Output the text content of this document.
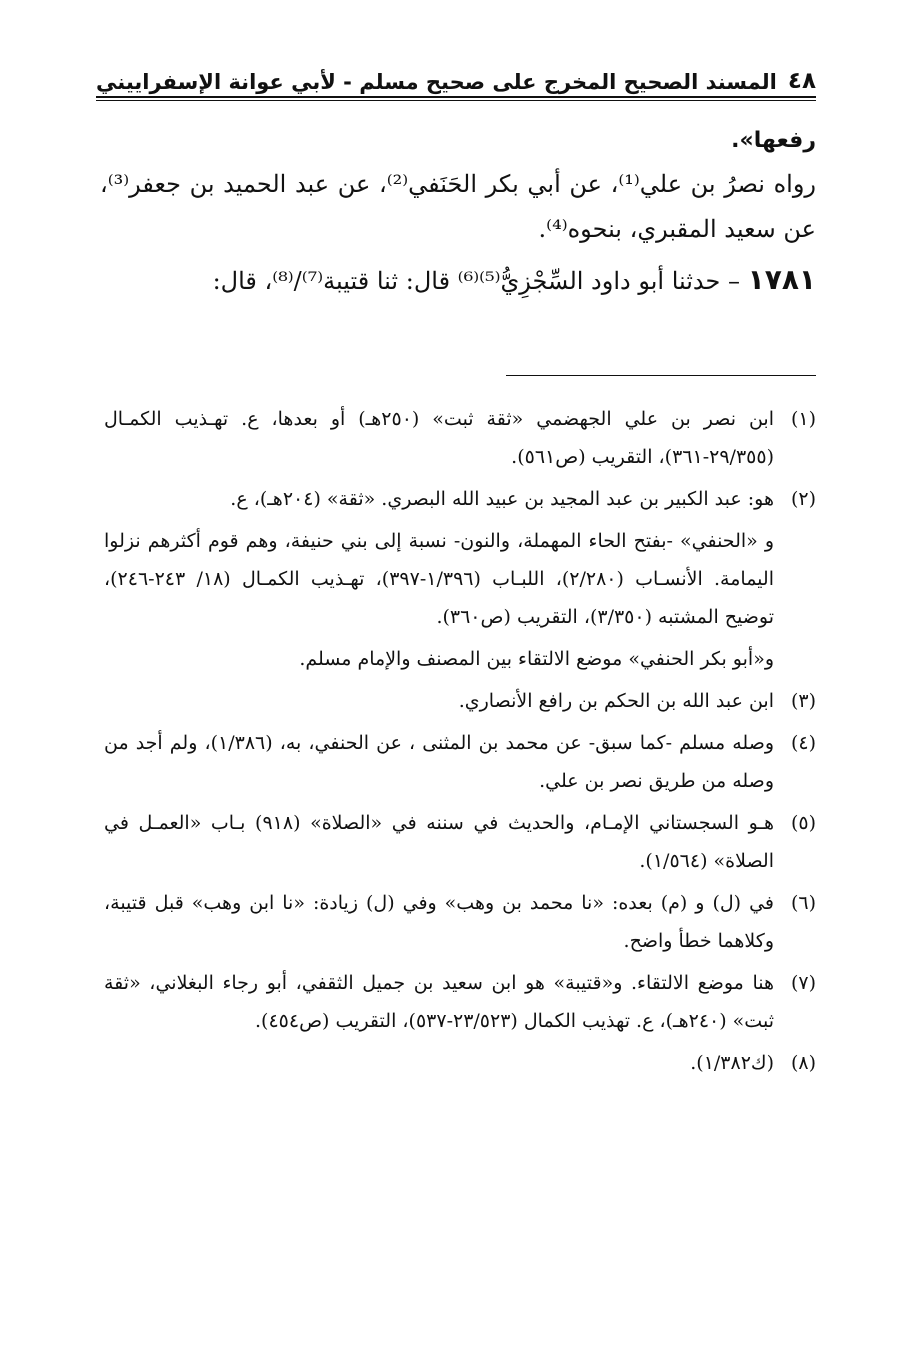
٤٨
المسند الصحيح المخرج على صحيح مسلم - لأبي عوانة الإسفراييني

رفعها».

رواه نصرُ بن علي⁽¹⁾، عن أبي بكر الحَنَفي⁽²⁾، عن عبد الحميد بن جعفر⁽³⁾، عن سعيد المقبري، بنحوه⁽⁴⁾.

١٧٨١ – حدثنا أبو داود السِّجْزِيُّ⁽⁵⁾⁽⁶⁾ قال: ثنا قتيبة⁽⁷⁾/⁽⁸⁾، قال:

(١)ابن نصر بن علي الجهضمي «ثقة ثبت» (٢٥٠هـ) أو بعدها، ع. تهـذيب الكمـال (٢٩/٣٥٥-٣٦١)، التقريب (ص٥٦١).

(٢)هو: عبد الكبير بن عبد المجيد بن عبيد الله البصري. «ثقة» (٢٠٤هـ)، ع.

و «الحنفي» -بفتح الحاء المهملة، والنون- نسبة إلى بني حنيفة، وهم قوم أكثرهم نزلوا اليمامة. الأنسـاب (٢/٢٨٠)، اللبـاب (١/٣٩٦-٣٩٧)، تهـذيب الكمـال (١٨/ ٢٤٣-٢٤٦)، توضيح المشتبه (٣/٣٥٠)، التقريب (ص٣٦٠).

و«أبو بكر الحنفي» موضع الالتقاء بين المصنف والإمام مسلم.

(٣)ابن عبد الله بن الحكم بن رافع الأنصاري.

(٤)وصله مسلم -كما سبق- عن محمد بن المثنى ، عن الحنفي، به، (١/٣٨٦)، ولم أجد من وصله من طريق نصر بن علي.

(٥)هـو السجستاني الإمـام، والحديث في سننه في «الصلاة» (٩١٨) بـاب «العمـل في الصلاة» (١/٥٦٤).

(٦)في (ل) و (م) بعده: «نا محمد بن وهب» وفي (ل) زيادة: «نا ابن وهب» قبل قتيبة، وكلاهما خطأ واضح.

(٧)هنا موضع الالتقاء. و«قتيبة» هو ابن سعيد بن جميل الثقفي، أبو رجاء البغلاني، «ثقة ثبت» (٢٤٠هـ)، ع. تهذيب الكمال (٢٣/٥٢٣-٥٣٧)، التقريب (ص٤٥٤).

(٨)(ك١/٣٨٢).
